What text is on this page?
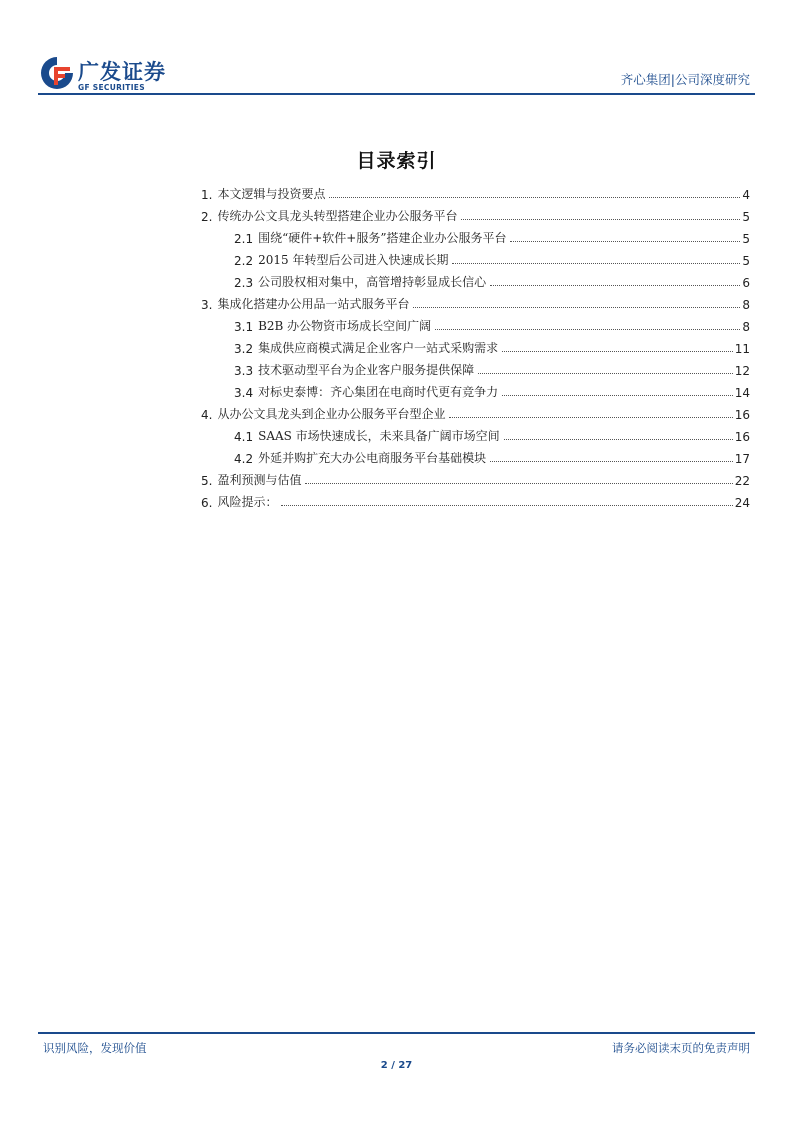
广发证券
GF SECURITIES
齐心集团|公司深度研究
目录索引
1. 本文逻辑与投资要点	4
2. 传统办公文具龙头转型搭建企业办公服务平台	5
2.1 围绕“硬件+软件+服务”搭建企业办公服务平台	5
2.2 2015 年转型后公司进入快速成长期	5
2.3 公司股权相对集中，高管增持彰显成长信心	6
3. 集成化搭建办公用品一站式服务平台	8
3.1 B2B 办公物资市场成长空间广阔	8
3.2 集成供应商模式满足企业客户一站式采购需求	11
3.3 技术驱动型平台为企业客户服务提供保障	12
3.4 对标史泰博：齐心集团在电商时代更有竞争力	14
4. 从办公文具龙头到企业办公服务平台型企业	16
4.1 SAAS 市场快速成长，未来具备广阔市场空间	16
4.2 外延并购扩充大办公电商服务平台基础模块	17
5. 盈利预测与估值	22
6. 风险提示：	24
识别风险，发现价值	请务必阅读末页的免责声明
2 / 27
